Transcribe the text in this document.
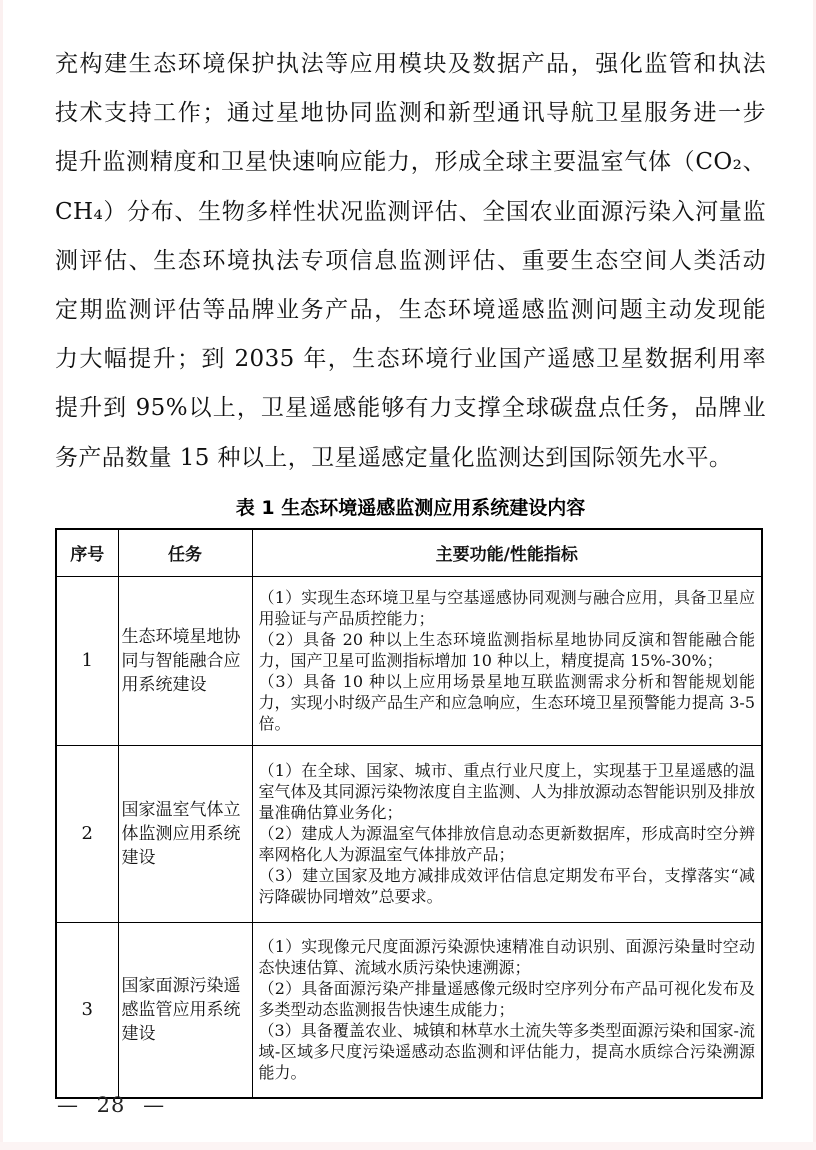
充构建生态环境保护执法等应用模块及数据产品，强化监管和执法
技术支持工作；通过星地协同监测和新型通讯导航卫星服务进一步
提升监测精度和卫星快速响应能力，形成全球主要温室气体（CO₂、
CH₄）分布、生物多样性状况监测评估、全国农业面源污染入河量监
测评估、生态环境执法专项信息监测评估、重要生态空间人类活动
定期监测评估等品牌业务产品，生态环境遥感监测问题主动发现能
力大幅提升；到 2035 年，生态环境行业国产遥感卫星数据利用率
提升到 95%以上，卫星遥感能够有力支撑全球碳盘点任务，品牌业
务产品数量 15 种以上，卫星遥感定量化监测达到国际领先水平。
表 1 生态环境遥感监测应用系统建设内容
序号	任务	主要功能/性能指标
1	生态环境星地协同与智能融合应用系统建设	（1）实现生态环境卫星与空基遥感协同观测与融合应用，具备卫星应用验证与产品质控能力；
（2）具备 20 种以上生态环境监测指标星地协同反演和智能融合能力，国产卫星可监测指标增加 10 种以上，精度提高 15%-30%；
（3）具备 10 种以上应用场景星地互联监测需求分析和智能规划能力，实现小时级产品生产和应急响应，生态环境卫星预警能力提高 3-5 倍。

2	国家温室气体立体监测应用系统建设	（1）在全球、国家、城市、重点行业尺度上，实现基于卫星遥感的温室气体及其同源污染物浓度自主监测、人为排放源动态智能识别及排放量准确估算业务化；
（2）建成人为源温室气体排放信息动态更新数据库，形成高时空分辨率网格化人为源温室气体排放产品；
（3）建立国家及地方减排成效评估信息定期发布平台，支撑落实“减污降碳协同增效”总要求。

3	国家面源污染遥感监管应用系统建设	（1）实现像元尺度面源污染源快速精准自动识别、面源污染量时空动态快速估算、流域水质污染快速溯源；
（2）具备面源污染产排量遥感像元级时空序列分布产品可视化发布及多类型动态监测报告快速生成能力；
（3）具备覆盖农业、城镇和林草水土流失等多类型面源污染和国家-流域-区域多尺度污染遥感动态监测和评估能力，提高水质综合污染溯源能力。
— 28 —
